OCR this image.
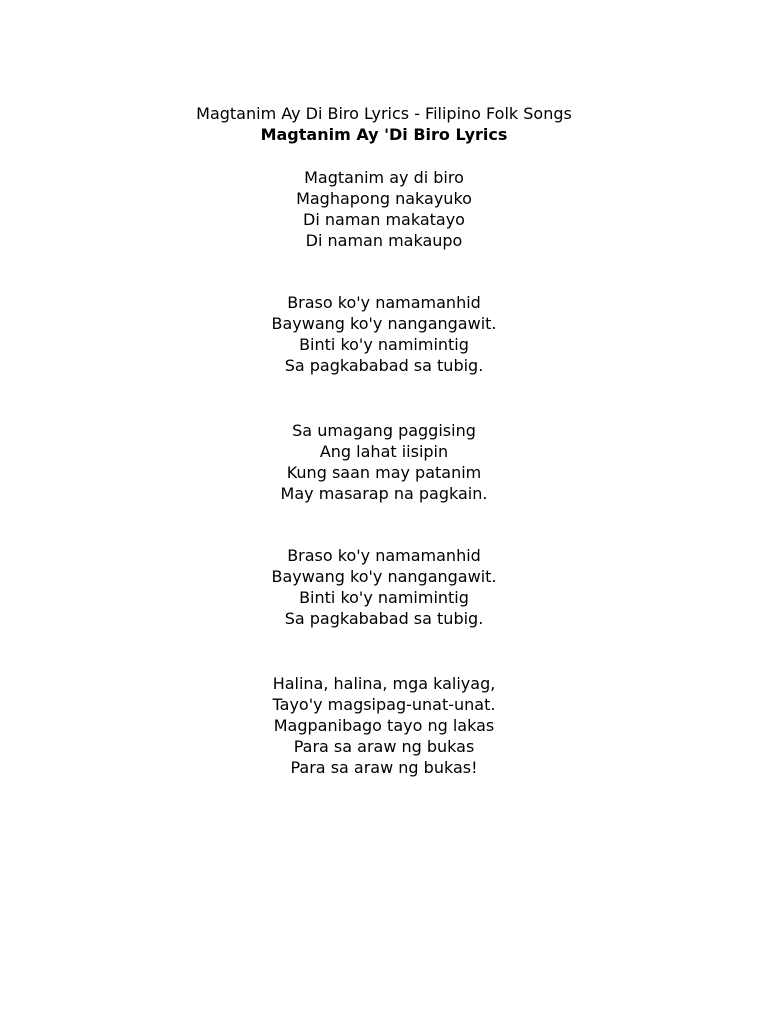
Magtanim Ay Di Biro Lyrics - Filipino Folk Songs
Magtanim Ay 'Di Biro Lyrics
Magtanim ay di biro
Maghapong nakayuko
Di naman makatayo
Di naman makaupo
Braso ko'y namamanhid
Baywang ko'y nangangawit.
Binti ko'y namimintig
Sa pagkababad sa tubig.
Sa umagang paggising
Ang lahat iisipin
Kung saan may patanim
May masarap na pagkain.
Braso ko'y namamanhid
Baywang ko'y nangangawit.
Binti ko'y namimintig
Sa pagkababad sa tubig.
Halina, halina, mga kaliyag,
Tayo'y magsipag-unat-unat.
Magpanibago tayo ng lakas
Para sa araw ng bukas
Para sa araw ng bukas!
